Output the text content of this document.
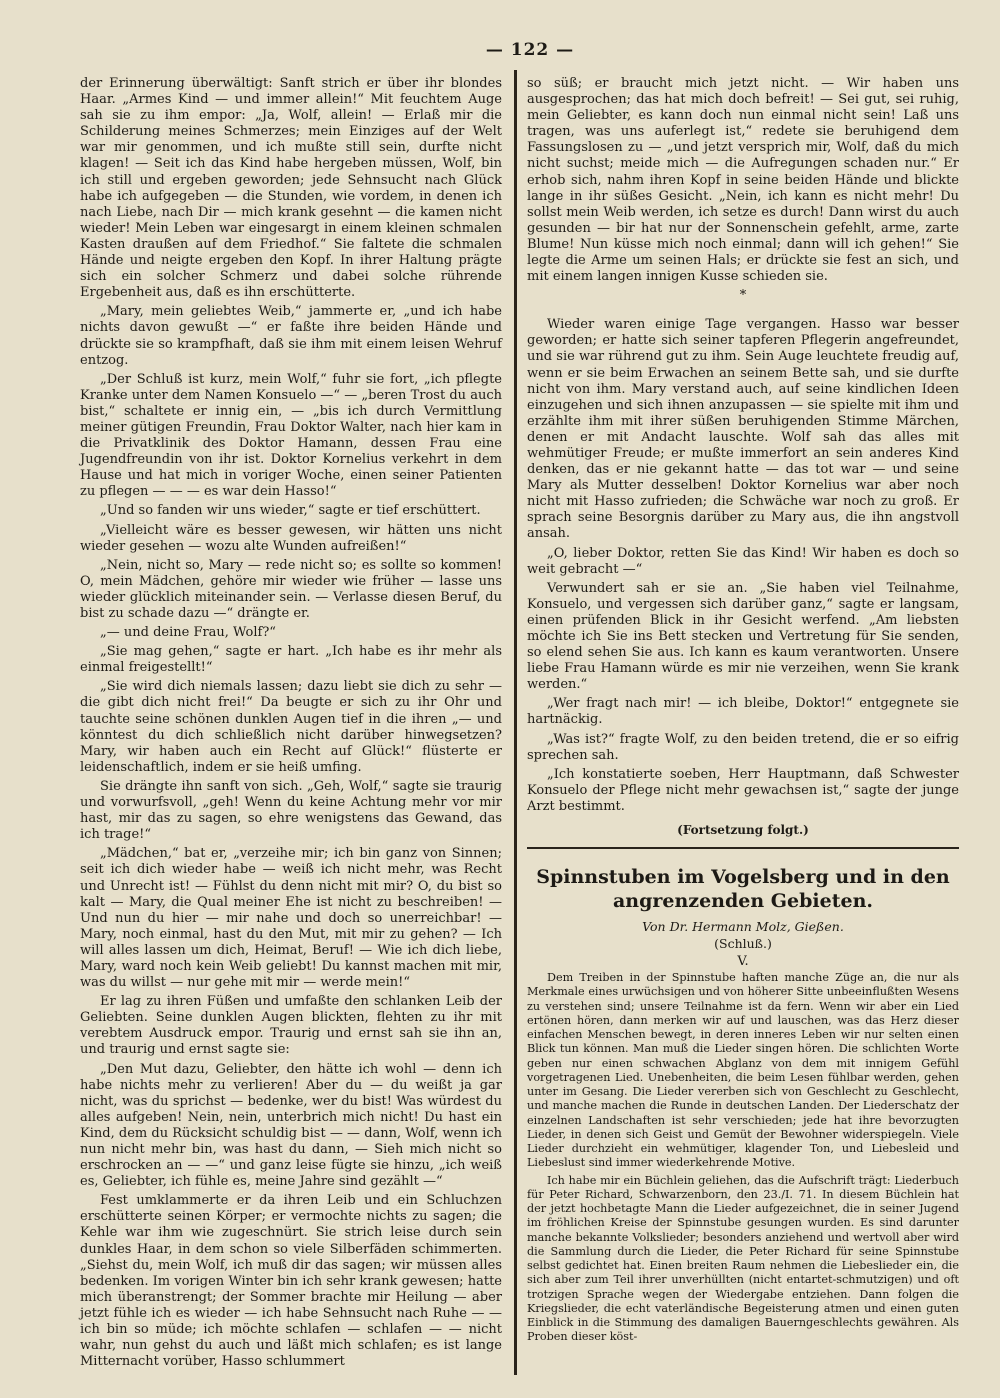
— 122 —

der Erinnerung überwältigt: Sanft strich er über ihr blondes Haar. „Armes Kind — und immer allein!“ Mit feuchtem Auge sah sie zu ihm empor: „Ja, Wolf, allein! — Erlaß mir die Schilderung meines Schmerzes; mein Einziges auf der Welt war mir genommen, und ich mußte still sein, durfte nicht klagen! — Seit ich das Kind habe hergeben müssen, Wolf, bin ich still und ergeben geworden; jede Sehnsucht nach Glück habe ich aufgegeben — die Stunden, wie vordem, in denen ich nach Liebe, nach Dir — mich krank gesehnt — die kamen nicht wieder! Mein Leben war eingesargt in einem kleinen schmalen Kasten draußen auf dem Friedhof.“ Sie faltete die schmalen Hände und neigte ergeben den Kopf. In ihrer Haltung prägte sich ein solcher Schmerz und dabei solche rührende Ergebenheit aus, daß es ihn erschütterte.

„Mary, mein geliebtes Weib,“ jammerte er, „und ich habe nichts davon gewußt —“ er faßte ihre beiden Hände und drückte sie so krampfhaft, daß sie ihm mit einem leisen Wehruf entzog.

„Der Schluß ist kurz, mein Wolf,“ fuhr sie fort, „ich pflegte Kranke unter dem Namen Konsuelo —“ — „beren Trost du auch bist,“ schaltete er innig ein, — „bis ich durch Vermittlung meiner gütigen Freundin, Frau Doktor Walter, nach hier kam in die Privatklinik des Doktor Hamann, dessen Frau eine Jugendfreundin von ihr ist. Doktor Kornelius verkehrt in dem Hause und hat mich in voriger Woche, einen seiner Patienten zu pflegen — — — es war dein Hasso!“

„Und so fanden wir uns wieder,“ sagte er tief erschüttert.

„Vielleicht wäre es besser gewesen, wir hätten uns nicht wieder gesehen — wozu alte Wunden aufreißen!“

„Nein, nicht so, Mary — rede nicht so; es sollte so kommen! O, mein Mädchen, gehöre mir wieder wie früher — lasse uns wieder glücklich miteinander sein. — Verlasse diesen Beruf, du bist zu schade dazu —“ drängte er.

„— und deine Frau, Wolf?“

„Sie mag gehen,“ sagte er hart. „Ich habe es ihr mehr als einmal freigestellt!“

„Sie wird dich niemals lassen; dazu liebt sie dich zu sehr — die gibt dich nicht frei!“ Da beugte er sich zu ihr Ohr und tauchte seine schönen dunklen Augen tief in die ihren „— und könntest du dich schließlich nicht darüber hinwegsetzen? Mary, wir haben auch ein Recht auf Glück!“ flüsterte er leidenschaftlich, indem er sie heiß umfing.

Sie drängte ihn sanft von sich. „Geh, Wolf,“ sagte sie traurig und vorwurfsvoll, „geh! Wenn du keine Achtung mehr vor mir hast, mir das zu sagen, so ehre wenigstens das Gewand, das ich trage!“

„Mädchen,“ bat er, „verzeihe mir; ich bin ganz von Sinnen; seit ich dich wieder habe — weiß ich nicht mehr, was Recht und Unrecht ist! — Fühlst du denn nicht mit mir? O, du bist so kalt — Mary, die Qual meiner Ehe ist nicht zu beschreiben! — Und nun du hier — mir nahe und doch so unerreichbar! — Mary, noch einmal, hast du den Mut, mit mir zu gehen? — Ich will alles lassen um dich, Heimat, Beruf! — Wie ich dich liebe, Mary, ward noch kein Weib geliebt! Du kannst machen mit mir, was du willst — nur gehe mit mir — werde mein!“

Er lag zu ihren Füßen und umfaßte den schlanken Leib der Geliebten. Seine dunklen Augen blickten, flehten zu ihr mit verebtem Ausdruck empor. Traurig und ernst sah sie ihn an, und traurig und ernst sagte sie:

„Den Mut dazu, Geliebter, den hätte ich wohl — denn ich habe nichts mehr zu verlieren! Aber du — du weißt ja gar nicht, was du sprichst — bedenke, wer du bist! Was würdest du alles aufgeben! Nein, nein, unterbrich mich nicht! Du hast ein Kind, dem du Rücksicht schuldig bist — — dann, Wolf, wenn ich nun nicht mehr bin, was hast du dann, — Sieh mich nicht so erschrocken an — —“ und ganz leise fügte sie hinzu, „ich weiß es, Geliebter, ich fühle es, meine Jahre sind gezählt —“

Fest umklammerte er da ihren Leib und ein Schluchzen erschütterte seinen Körper; er vermochte nichts zu sagen; die Kehle war ihm wie zugeschnürt. Sie strich leise durch sein dunkles Haar, in dem schon so viele Silberfäden schimmerten. „Siehst du, mein Wolf, ich muß dir das sagen; wir müssen alles bedenken. Im vorigen Winter bin ich sehr krank gewesen; hatte mich überanstrengt; der Sommer brachte mir Heilung — aber jetzt fühle ich es wieder — ich habe Sehnsucht nach Ruhe — — ich bin so müde; ich möchte schlafen — schlafen — — nicht wahr, nun gehst du auch und läßt mich schlafen; es ist lange Mitternacht vorüber, Hasso schlummert

so süß; er braucht mich jetzt nicht. — Wir haben uns ausgesprochen; das hat mich doch befreit! — Sei gut, sei ruhig, mein Geliebter, es kann doch nun einmal nicht sein! Laß uns tragen, was uns auferlegt ist,“ redete sie beruhigend dem Fassungslosen zu — „und jetzt versprich mir, Wolf, daß du mich nicht suchst; meide mich — die Aufregungen schaden nur.“ Er erhob sich, nahm ihren Kopf in seine beiden Hände und blickte lange in ihr süßes Gesicht. „Nein, ich kann es nicht mehr! Du sollst mein Weib werden, ich setze es durch! Dann wirst du auch gesunden — bir hat nur der Sonnenschein gefehlt, arme, zarte Blume! Nun küsse mich noch einmal; dann will ich gehen!“ Sie legte die Arme um seinen Hals; er drückte sie fest an sich, und mit einem langen innigen Kusse schieden sie.

*

Wieder waren einige Tage vergangen. Hasso war besser geworden; er hatte sich seiner tapferen Pflegerin angefreundet, und sie war rührend gut zu ihm. Sein Auge leuchtete freudig auf, wenn er sie beim Erwachen an seinem Bette sah, und sie durfte nicht von ihm. Mary verstand auch, auf seine kindlichen Ideen einzugehen und sich ihnen anzupassen — sie spielte mit ihm und erzählte ihm mit ihrer süßen beruhigenden Stimme Märchen, denen er mit Andacht lauschte. Wolf sah das alles mit wehmütiger Freude; er mußte immerfort an sein anderes Kind denken, das er nie gekannt hatte — das tot war — und seine Mary als Mutter desselben! Doktor Kornelius war aber noch nicht mit Hasso zufrieden; die Schwäche war noch zu groß. Er sprach seine Besorgnis darüber zu Mary aus, die ihn angstvoll ansah.

„O, lieber Doktor, retten Sie das Kind! Wir haben es doch so weit gebracht —“

Verwundert sah er sie an. „Sie haben viel Teilnahme, Konsuelo, und vergessen sich darüber ganz,“ sagte er langsam, einen prüfenden Blick in ihr Gesicht werfend. „Am liebsten möchte ich Sie ins Bett stecken und Vertretung für Sie senden, so elend sehen Sie aus. Ich kann es kaum verantworten. Unsere liebe Frau Hamann würde es mir nie verzeihen, wenn Sie krank werden.“

„Wer fragt nach mir! — ich bleibe, Doktor!“ entgegnete sie hartnäckig.

„Was ist?“ fragte Wolf, zu den beiden tretend, die er so eifrig sprechen sah.

„Ich konstatierte soeben, Herr Hauptmann, daß Schwester Konsuelo der Pflege nicht mehr gewachsen ist,“ sagte der junge Arzt bestimmt.

(Fortsetzung folgt.)
Spinnstuben im Vogelsberg und in den angrenzenden Gebieten.
Von Dr. Hermann Molz, Gießen.
(Schluß.)
V.

Dem Treiben in der Spinnstube haften manche Züge an, die nur als Merkmale eines urwüchsigen und von höherer Sitte unbeeinflußten Wesens zu verstehen sind; unsere Teilnahme ist da fern. Wenn wir aber ein Lied ertönen hören, dann merken wir auf und lauschen, was das Herz dieser einfachen Menschen bewegt, in deren inneres Leben wir nur selten einen Blick tun können. Man muß die Lieder singen hören. Die schlichten Worte geben nur einen schwachen Abglanz von dem mit innigem Gefühl vorgetragenen Lied. Unebenheiten, die beim Lesen fühlbar werden, gehen unter im Gesang. Die Lieder vererben sich von Geschlecht zu Geschlecht, und manche machen die Runde in deutschen Landen. Der Liederschatz der einzelnen Landschaften ist sehr verschieden; jede hat ihre bevorzugten Lieder, in denen sich Geist und Gemüt der Bewohner widerspiegeln. Viele Lieder durchzieht ein wehmütiger, klagender Ton, und Liebesleid und Liebeslust sind immer wiederkehrende Motive.

Ich habe mir ein Büchlein geliehen, das die Aufschrift trägt: Liederbuch für Peter Richard, Schwarzenborn, den 23./I. 71. In diesem Büchlein hat der jetzt hochbetagte Mann die Lieder aufgezeichnet, die in seiner Jugend im fröhlichen Kreise der Spinnstube gesungen wurden. Es sind darunter manche bekannte Volkslieder; besonders anziehend und wertvoll aber wird die Sammlung durch die Lieder, die Peter Richard für seine Spinnstube selbst gedichtet hat. Einen breiten Raum nehmen die Liebeslieder ein, die sich aber zum Teil ihrer unverhüllten (nicht entartet-schmutzigen) und oft trotzigen Sprache wegen der Wiedergabe entziehen. Dann folgen die Kriegslieder, die echt vaterländische Begeisterung atmen und einen guten Einblick in die Stimmung des damaligen Bauerngeschlechts gewähren. Als Proben dieser köst-
